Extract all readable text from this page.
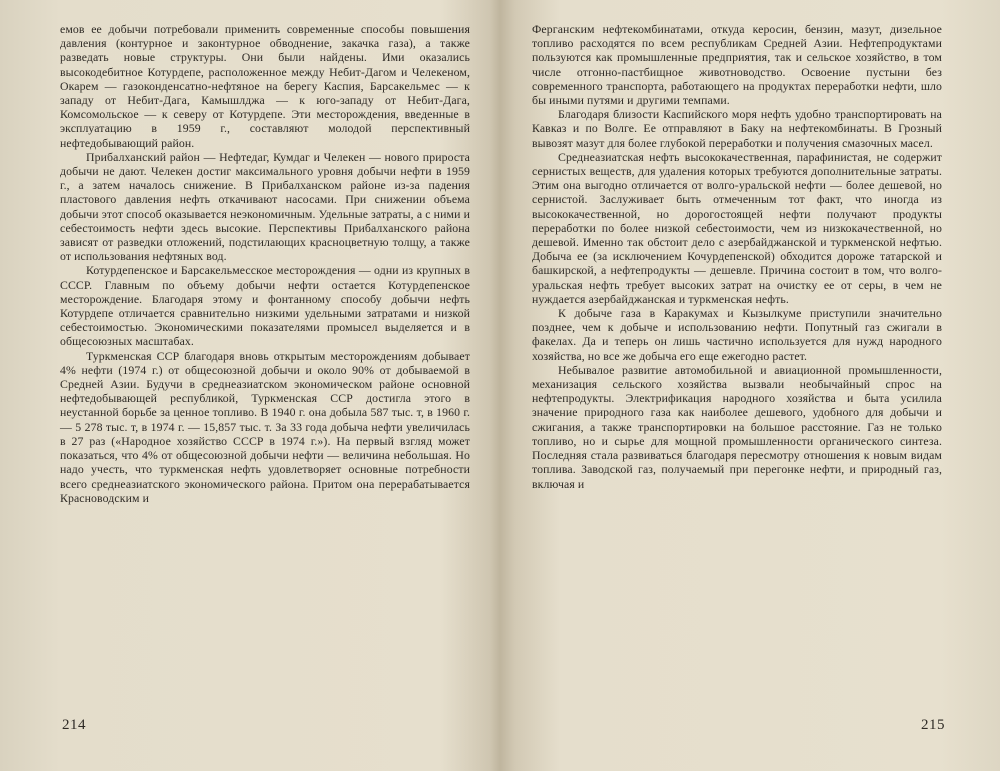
емов ее добычи потребовали применить современные способы повышения давления (контурное и законтурное обводнение, закачка газа), а также разведать новые структуры. Они были найдены. Ими оказались высокодебитное Котурдепе, расположенное между Небит-Дагом и Челекеном, Окарем — газоконденсатно-нефтяное на берегу Каспия, Барсакельмес — к западу от Небит-Дага, Камышлджа — к юго-западу от Небит-Дага, Комсомольское — к северу от Котурдепе. Эти месторождения, введенные в эксплуатацию в 1959 г., составляют молодой перспективный нефтедобывающий район.

Прибалханский район — Нефтедаг, Кумдаг и Челекен — нового прироста добычи не дают. Челекен достиг максимального уровня добычи нефти в 1959 г., а затем началось снижение. В Прибалханском районе из-за падения пластового давления нефть откачивают насосами. При снижении объема добычи этот способ оказывается неэкономичным. Удельные затраты, а с ними и себестоимость нефти здесь высокие. Перспективы Прибалханского района зависят от разведки отложений, подстилающих красноцветную толщу, а также от использования нефтяных вод.

Котурдепенское и Барсакельмесское месторождения — одни из крупных в СССР. Главным по объему добычи нефти остается Котурдепенское месторождение. Благодаря этому и фонтанному способу добычи нефть Котурдепе отличается сравнительно низкими удельными затратами и низкой себестоимостью. Экономическими показателями промысел выделяется и в общесоюзных масштабах.

Туркменская ССР благодаря вновь открытым месторождениям добывает 4% нефти (1974 г.) от общесоюзной добычи и около 90% от добываемой в Средней Азии. Будучи в среднеазиатском экономическом районе основной нефтедобывающей республикой, Туркменская ССР достигла этого в неустанной борьбе за ценное топливо. В 1940 г. она добыла 587 тыс. т, в 1960 г. — 5 278 тыс. т, в 1974 г. — 15,857 тыс. т. За 33 года добыча нефти увеличилась в 27 раз («Народное хозяйство СССР в 1974 г.»). На первый взгляд может показаться, что 4% от общесоюзной добычи нефти — величина небольшая. Но надо учесть, что туркменская нефть удовлетворяет основные потребности всего среднеазиатского экономического района. Притом она перерабатывается Красноводским и

214

Ферганским нефтекомбинатами, откуда керосин, бензин, мазут, дизельное топливо расходятся по всем республикам Средней Азии. Нефтепродуктами пользуются как промышленные предприятия, так и сельское хозяйство, в том числе отгонно-пастбищное животноводство. Освоение пустыни без современного транспорта, работающего на продуктах переработки нефти, шло бы иными путями и другими темпами.

Благодаря близости Каспийского моря нефть удобно транспортировать на Кавказ и по Волге. Ее отправляют в Баку на нефтекомбинаты. В Грозный вывозят мазут для более глубокой переработки и получения смазочных масел.

Среднеазиатская нефть высококачественная, парафинистая, не содержит сернистых веществ, для удаления которых требуются дополнительные затраты. Этим она выгодно отличается от волго-уральской нефти — более дешевой, но сернистой. Заслуживает быть отмеченным тот факт, что иногда из высококачественной, но дорогостоящей нефти получают продукты переработки по более низкой себестоимости, чем из низкокачественной, но дешевой. Именно так обстоит дело с азербайджанской и туркменской нефтью. Добыча ее (за исключением Кочурдепенской) обходится дороже татарской и башкирской, а нефтепродукты — дешевле. Причина состоит в том, что волго-уральская нефть требует высоких затрат на очистку ее от серы, в чем не нуждается азербайджанская и туркменская нефть.

К добыче газа в Каракумах и Кызылкуме приступили значительно позднее, чем к добыче и использованию нефти. Попутный газ сжигали в факелах. Да и теперь он лишь частично используется для нужд народного хозяйства, но все же добыча его еще ежегодно растет.

Небывалое развитие автомобильной и авиационной промышленности, механизация сельского хозяйства вызвали необычайный спрос на нефтепродукты. Электрификация народного хозяйства и быта усилила значение природного газа как наиболее дешевого, удобного для добычи и сжигания, а также транспортировки на большое расстояние. Газ не только топливо, но и сырье для мощной промышленности органического синтеза. Последняя стала развиваться благодаря пересмотру отношения к новым видам топлива. Заводской газ, получаемый при перегонке нефти, и природный газ, включая и

215
